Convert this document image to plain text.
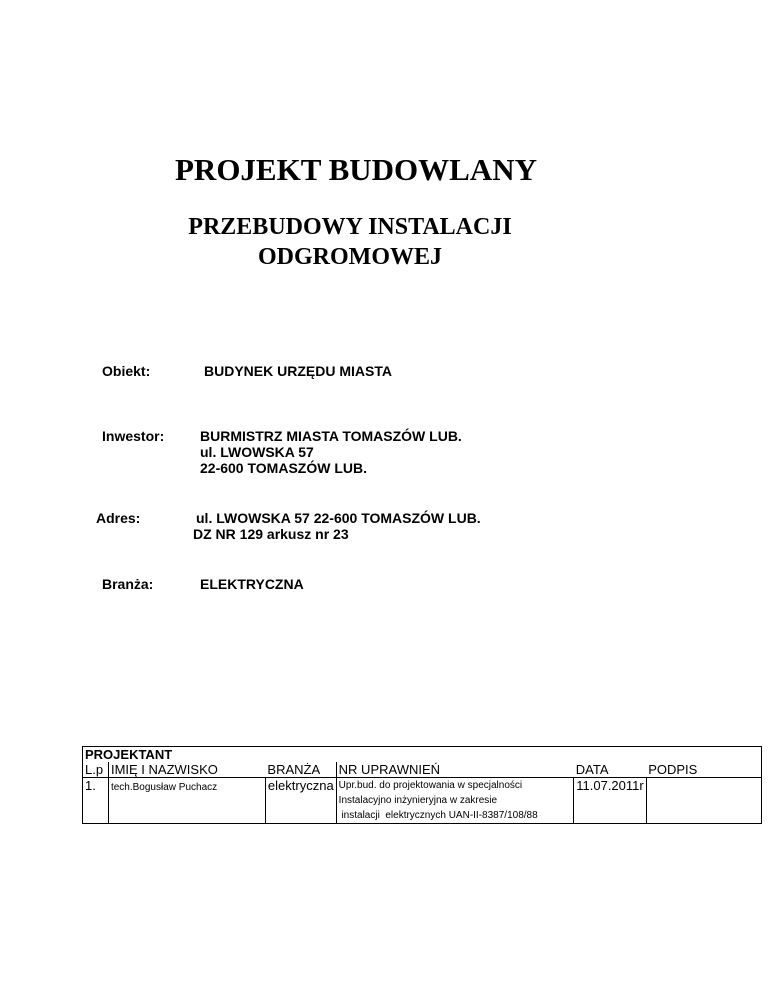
PROJEKT BUDOWLANY
PRZEBUDOWY INSTALACJI
ODGROMOWEJ
Obiekt:	BUDYNEK URZĘDU MIASTA
Inwestor:	BURMISTRZ MIASTA TOMASZÓW LUB.
ul. LWOWSKA 57
22-600 TOMASZÓW LUB.
Adres:	ul. LWOWSKA 57 22-600 TOMASZÓW LUB.
DZ NR 129 arkusz nr 23
Branża:	ELEKTRYCZNA
PROJEKTANT					
L.p	IMIĘ I NAZWISKO	BRANŻA	NR UPRAWNIEŃ	DATA	PODPIS
1.	tech.Bogusław Puchacz	elektryczna	Upr.bud. do projektowania w specjalności
Instalacyjno inżynieryjna w zakresie
instalacji  elektrycznych UAN-II-8387/108/88	11.07.2011r	
